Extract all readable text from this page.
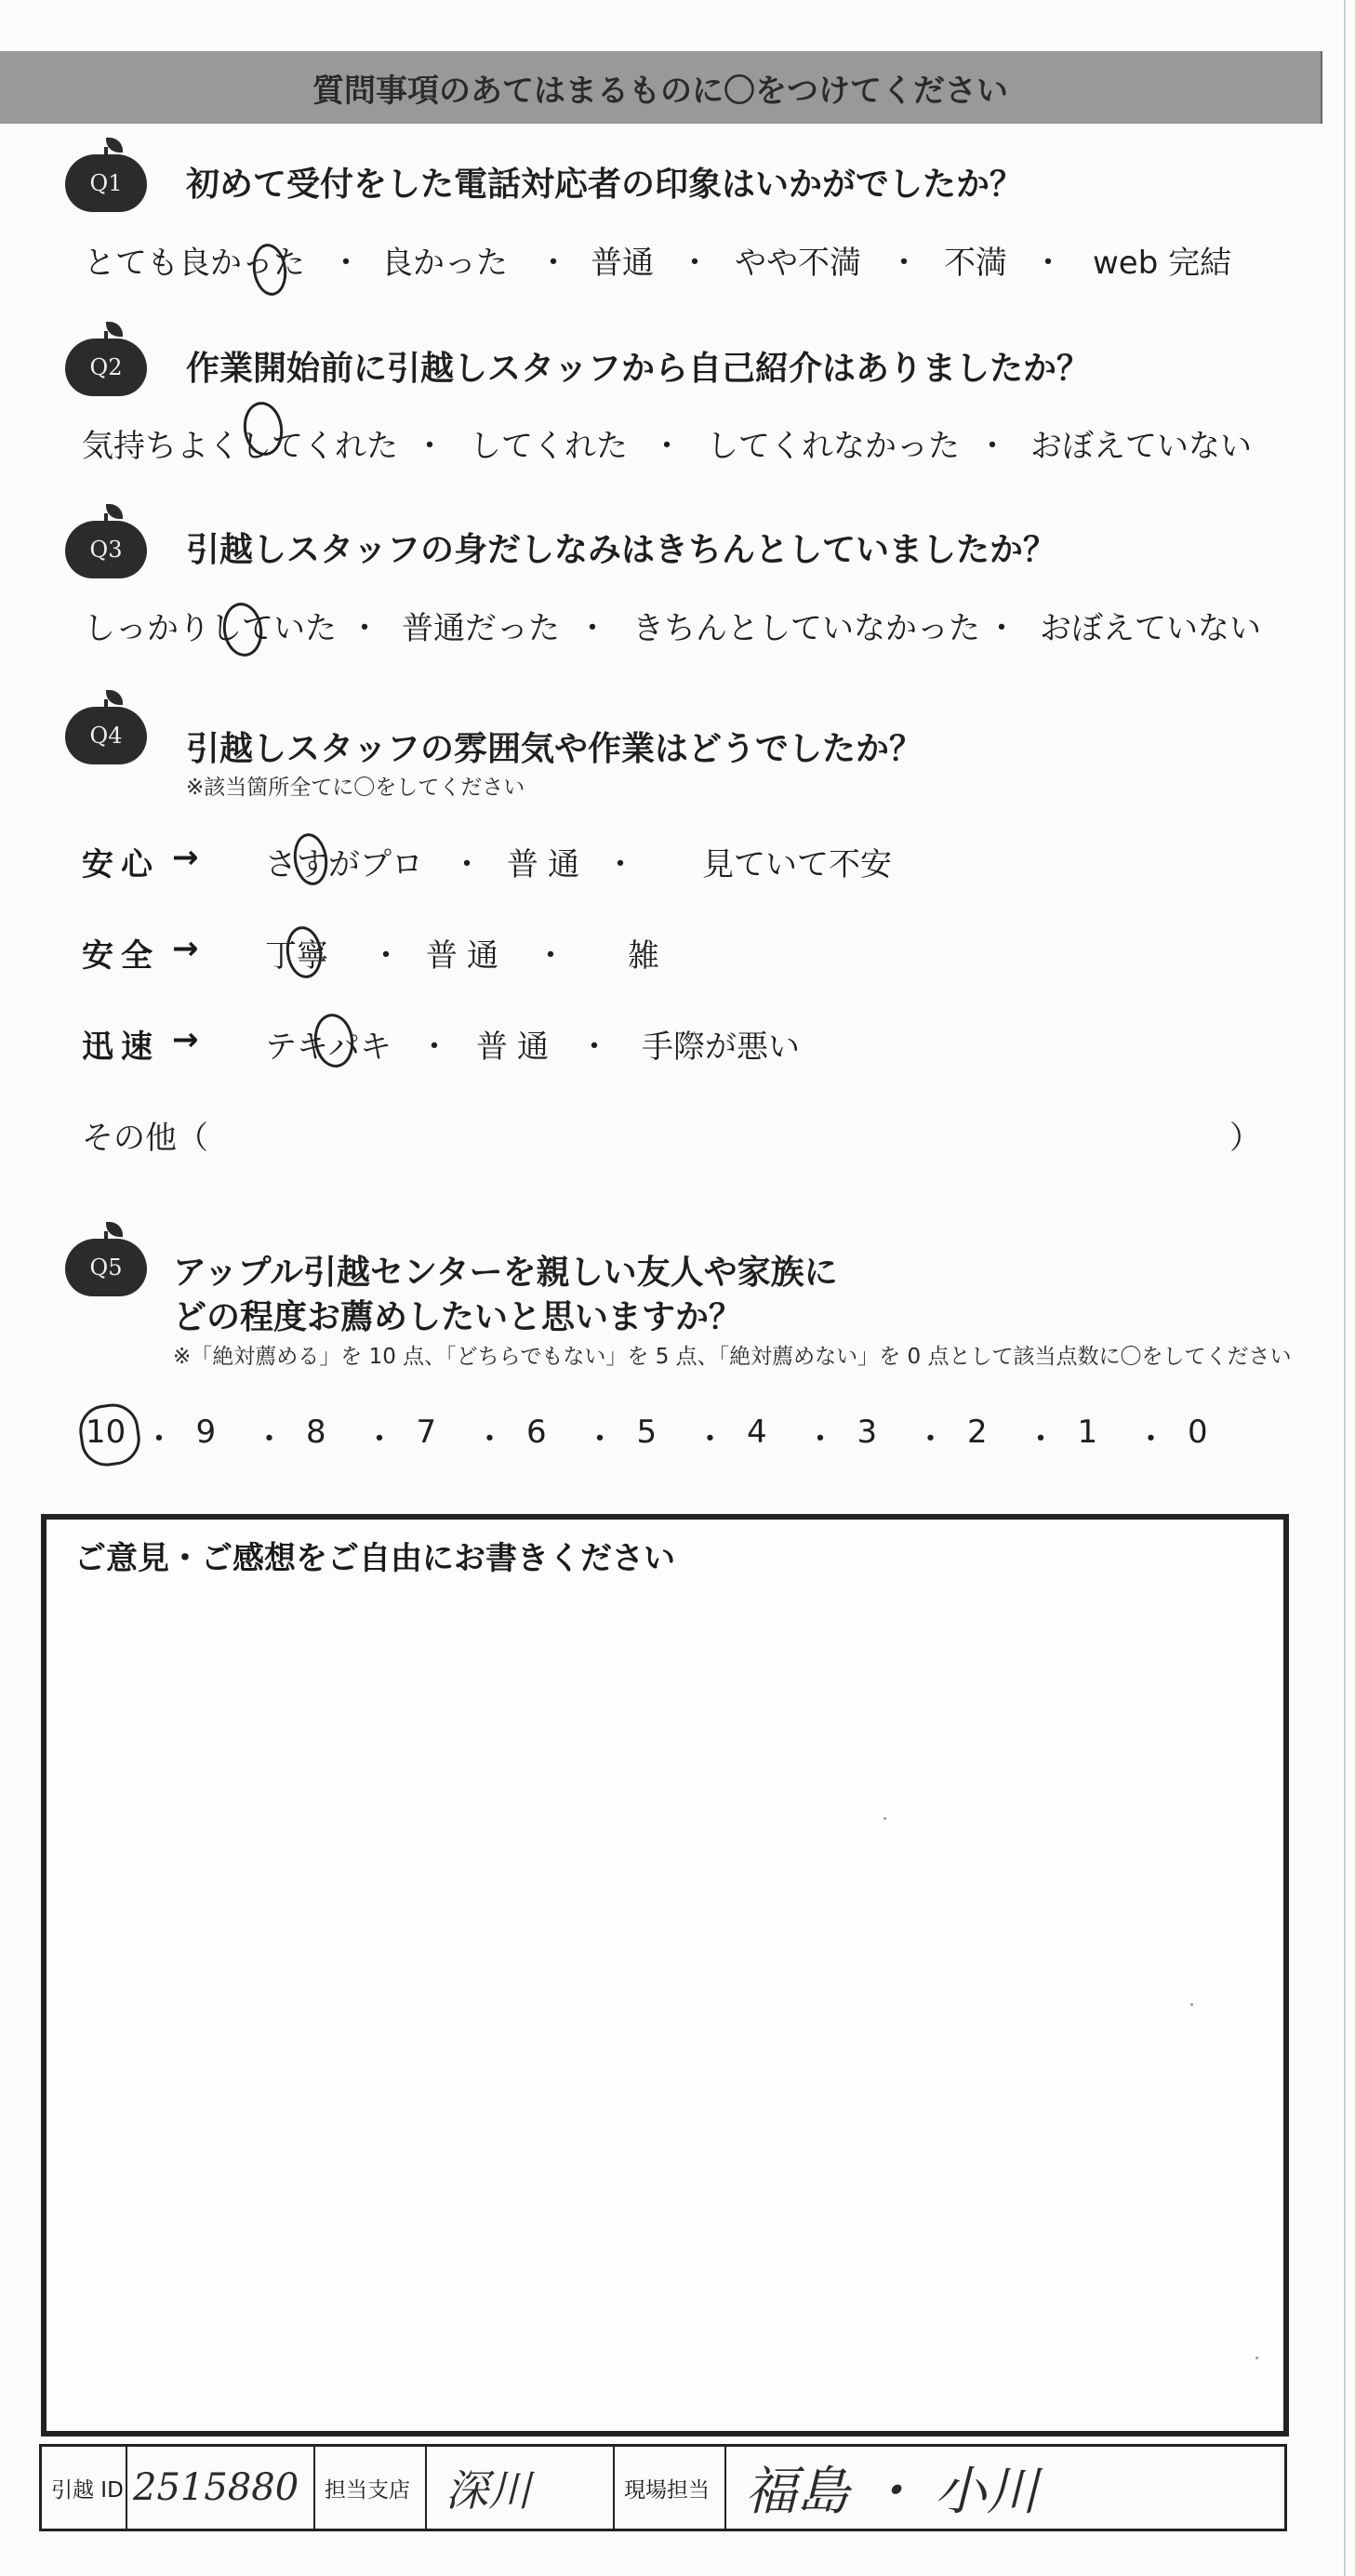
質問事項のあてはまるものに〇をつけてください
Q1 初めて受付をした電話対応者の印象はいかがでしたか？
とても良かった ・ 良かった ・ 普通 ・ やや不満 ・ 不満 ・ web 完結
Q2 作業開始前に引越しスタッフから自己紹介はありましたか？
気持ちよくしてくれた ・ してくれた ・ してくれなかった ・ おぼえていない
Q3 引越しスタッフの身だしなみはきちんとしていましたか？
しっかりしていた ・ 普通だった ・ きちんとしていなかった ・ おぼえていない
Q4 引越しスタッフの雰囲気や作業はどうでしたか？
※該当箇所全てに〇をしてください
安心 → さすがプロ ・ 普通 ・ 見ていて不安
安全 → 丁寧 ・ 普通 ・ 雑
迅速 → テキパキ ・ 普通 ・ 手際が悪い
その他（	）
Q5 アップル引越センターを親しい友人や家族に
どの程度お薦めしたいと思いますか？
※「絶対薦める」を 10 点、「どちらでもない」を 5 点、「絶対薦めない」を 0 点として該当点数に〇をしてください
10 ・ 9 ・ 8 ・ 7 ・ 6 ・ 5 ・ 4 ・ 3 ・ 2 ・ 1 ・ 0
ご意見・ご感想をご自由にお書きください
引越 ID 2515880	担当支店 深川	現場担当 福島 ・ 小川
